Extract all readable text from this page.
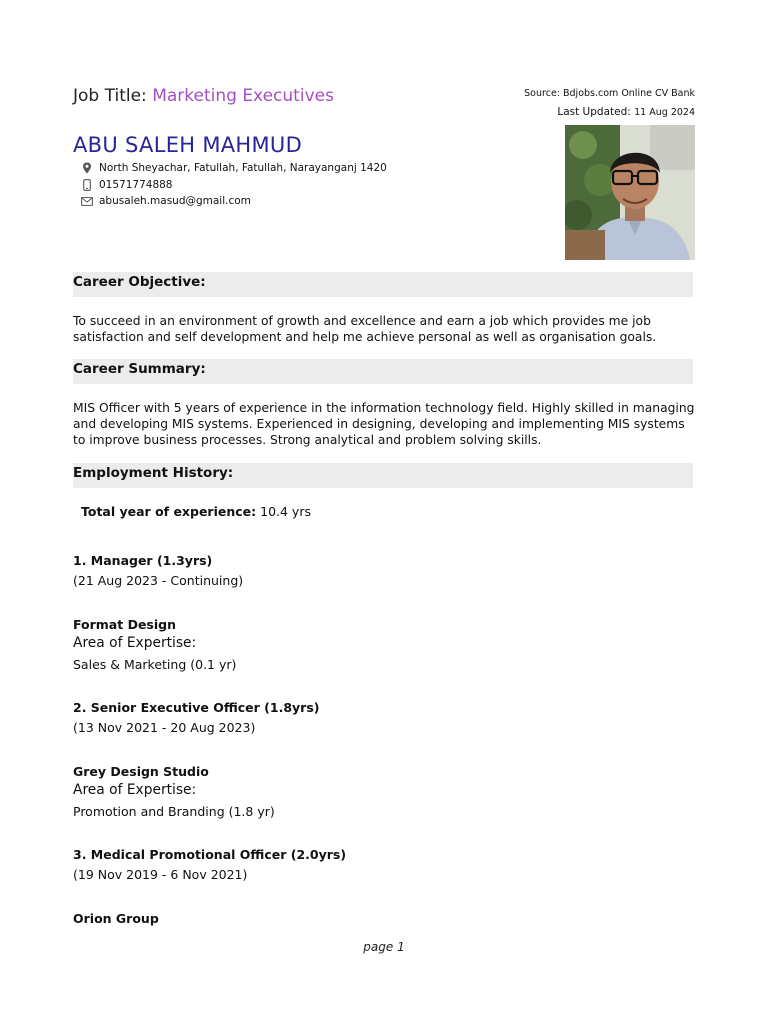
Job Title: Marketing Executives	Source: Bdjobs.com Online CV Bank
Last Updated: 11 Aug 2024
ABU SALEH MAHMUD
North Sheyachar, Fatullah, Fatullah, Narayanganj 1420
01571774888
abusaleh.masud@gmail.com
Career Objective:
To succeed in an environment of growth and excellence and earn a job which provides me job satisfaction and self development and help me achieve personal as well as organisation goals.
Career Summary:
MIS Officer with 5 years of experience in the information technology field. Highly skilled in managing and developing MIS systems. Experienced in designing, developing and implementing MIS systems to improve business processes. Strong analytical and problem solving skills.
Employment History:
Total year of experience: 10.4 yrs
1. Manager (1.3yrs)
(21 Aug 2023 - Continuing)
Format Design
Area of Expertise:
Sales & Marketing (0.1 yr)
2. Senior Executive Officer (1.8yrs)
(13 Nov 2021 - 20 Aug 2023)
Grey Design Studio
Area of Expertise:
Promotion and Branding (1.8 yr)
3. Medical Promotional Officer (2.0yrs)
(19 Nov 2019 - 6 Nov 2021)
Orion Group
page 1
